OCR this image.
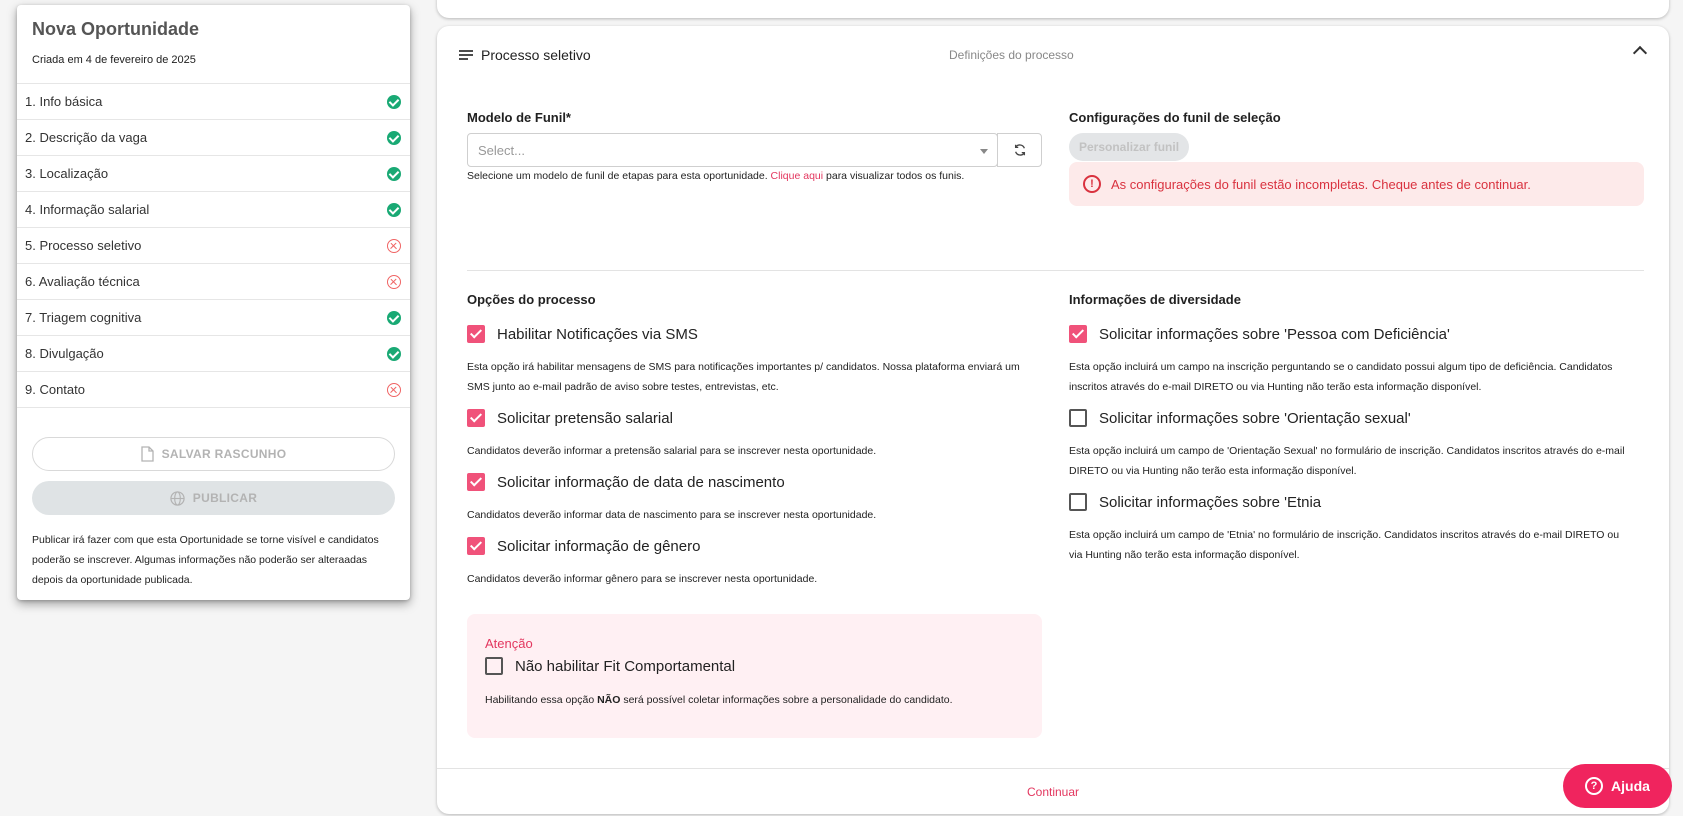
Nova Oportunidade
Criada em 4 de fevereiro de 2025
1. Info básica
2. Descrição da vaga
3. Localização
4. Informação salarial
5. Processo seletivo
6. Avaliação técnica
7. Triagem cognitiva
8. Divulgação
9. Contato
SALVAR RASCUNHO
PUBLICAR
Publicar irá fazer com que esta Oportunidade se torne visível e candidatos poderão se inscrever. Algumas informações não poderão ser alteraadas depois da oportunidade publicada.
Processo seletivo	Definições do processo
Modelo de Funil*
Select...
Selecione um modelo de funil de etapas para esta oportunidade. Clique aqui para visualizar todos os funis.
Configurações do funil de seleção
Personalizar funil
!	As configurações do funil estão incompletas. Cheque antes de continuar.
Opções do processo
Habilitar Notificações via SMS
Esta opção irá habilitar mensagens de SMS para notificações importantes p/ candidatos. Nossa plataforma enviará um SMS junto ao e-mail padrão de aviso sobre testes, entrevistas, etc.
Solicitar pretensão salarial
Candidatos deverão informar a pretensão salarial para se inscrever nesta oportunidade.
Solicitar informação de data de nascimento
Candidatos deverão informar data de nascimento para se inscrever nesta oportunidade.
Solicitar informação de gênero
Candidatos deverão informar gênero para se inscrever nesta oportunidade.
Informações de diversidade
Solicitar informações sobre 'Pessoa com Deficiência'
Esta opção incluirá um campo na inscrição perguntando se o candidato possui algum tipo de deficiência. Candidatos inscritos através do e-mail DIRETO ou via Hunting não terão esta informação disponível.
Solicitar informações sobre 'Orientação sexual'
Esta opção incluirá um campo de 'Orientação Sexual' no formulário de inscrição. Candidatos inscritos através do e-mail DIRETO ou via Hunting não terão esta informação disponível.
Solicitar informações sobre 'Etnia
Esta opção incluirá um campo de 'Etnia' no formulário de inscrição. Candidatos inscritos através do e-mail DIRETO ou via Hunting não terão esta informação disponível.
Atenção
Não habilitar Fit Comportamental
Habilitando essa opção NÃO será possível coletar informações sobre a personalidade do candidato.
Continuar	? Ajuda
